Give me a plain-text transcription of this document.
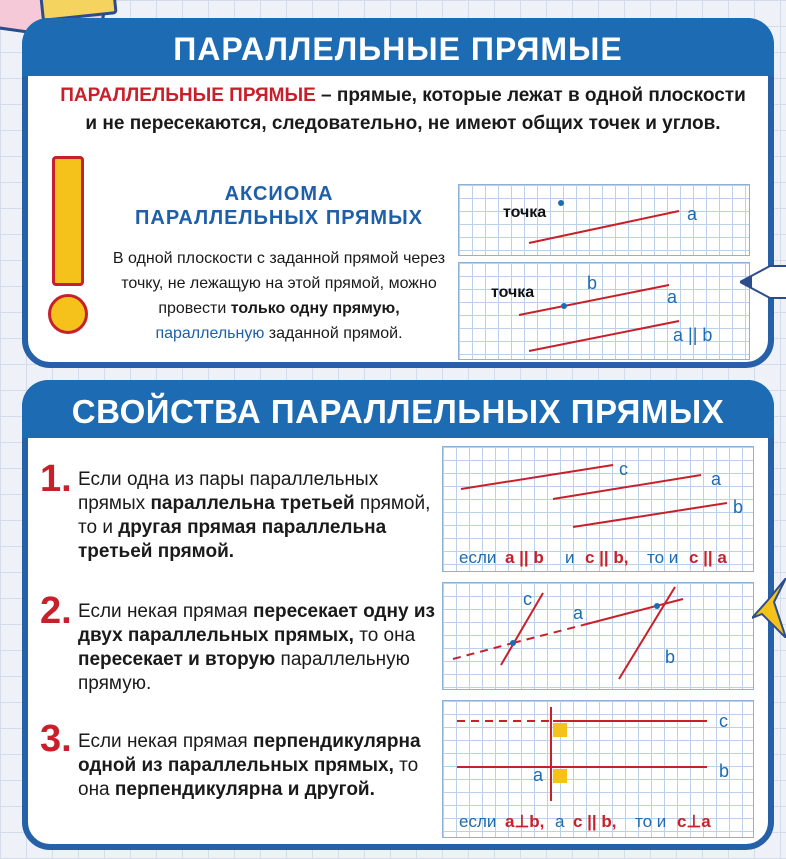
ПАРАЛЛЕЛЬНЫЕ ПРЯМЫЕ
ПАРАЛЛЕЛЬНЫЕ ПРЯМЫЕ – прямые, которые лежат в одной плоскости и не пересекаются, следовательно, не имеют общих точек и углов.
АКСИОМА
ПАРАЛЛЕЛЬНЫХ ПРЯМЫХ
В одной плоскости с заданной прямой через точку, не лежащую на этой прямой, можно провести только одну прямую,
параллельную заданной прямой.
точка	a
точка	b
a
a || b
СВОЙСТВА ПАРАЛЛЕЛЬНЫХ ПРЯМЫХ
1. Если одна из пары параллельных прямых параллельна третьей прямой, то и другая прямая параллельна третьей прямой.
c	a
b
если a || b и c || b, то и c || a
2. Если некая прямая пересекает одну из двух параллельных прямых, то она пересекает и вторую параллельную прямую.
c
a
b
3. Если некая прямая перпендикулярна одной из параллельных прямых, то она перпендикулярна и другой.
c
b
a
если a⊥b, а c || b, то и c⊥a
